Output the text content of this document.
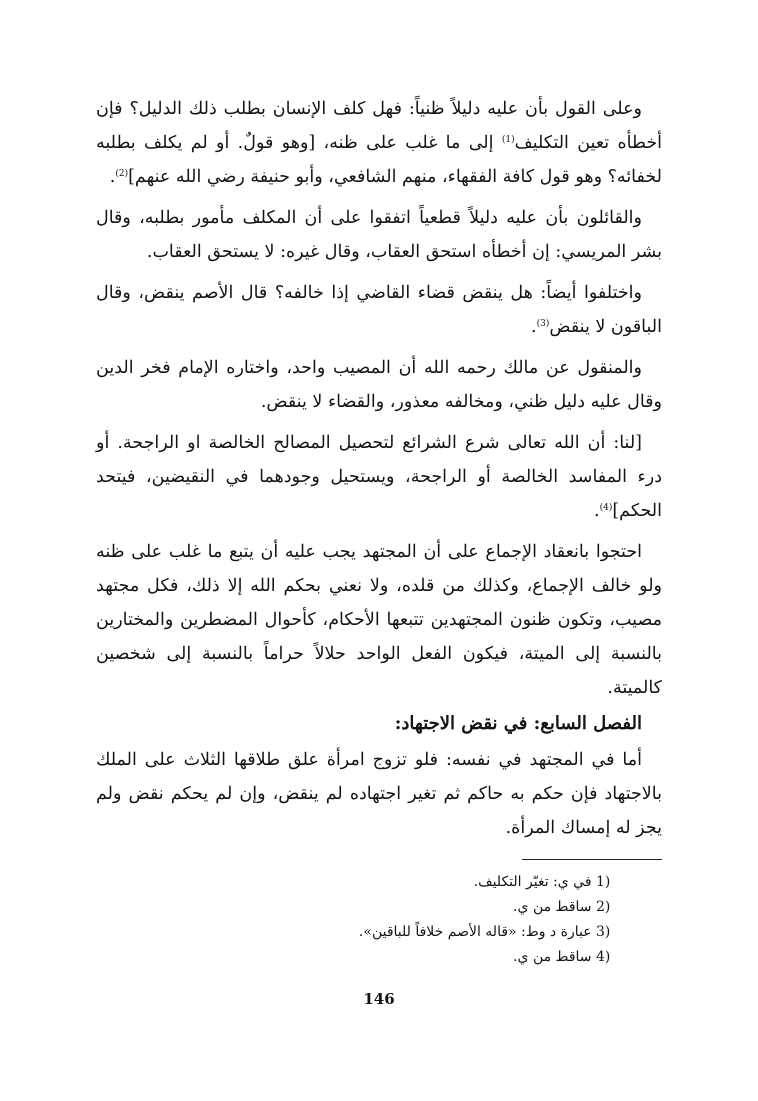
وعلى القول بأن عليه دليلاً ظنياً: فهل كلف الإنسان بطلب ذلك الدليل؟ فإن أخطأه تعين التكليف$^{(1)}$ إلى ما غلب على ظنه، [وهو قولٌ. أو لم يكلف بطلبه لخفائه؟ وهو قول كافة الفقهاء، منهم الشافعي، وأبو حنيفة رضي الله عنهم]$^{(2)}$.

والقائلون بأن عليه دليلاً قطعياً اتفقوا على أن المكلف مأمور بطلبه، وقال بشر المريسي: إن أخطأه استحق العقاب، وقال غيره: لا يستحق العقاب.

واختلفوا أيضاً: هل ينقض قضاء القاضي إذا خالفه؟ قال الأصم ينقض، وقال الباقون لا ينقض$^{(3)}$.

والمنقول عن مالك رحمه الله أن المصيب واحد، واختاره الإمام فخر الدين وقال عليه دليل ظني، ومخالفه معذور، والقضاء لا ينقض.

[لنا: أن الله تعالى شرع الشرائع لتحصيل المصالح الخالصة او الراجحة. أو درء المفاسد الخالصة أو الراجحة، ويستحيل وجودهما في النقيضين، فيتحد الحكم]$^{(4)}$.

احتجوا بانعقاد الإجماع على أن المجتهد يجب عليه أن يتبع ما غلب على ظنه ولو خالف الإجماع، وكذلك من قلده، ولا نعني بحكم الله إلا ذلك، فكل مجتهد مصيب، وتكون ظنون المجتهدين تتبعها الأحكام، كأحوال المضطرين والمختارين بالنسبة إلى الميتة، فيكون الفعل الواحد حلالاً حراماً بالنسبة إلى شخصين كالميتة.

الفصل السابع: في نقض الاجتهاد:

أما في المجتهد في نفسه: فلو تزوج امرأة علق طلاقها الثلاث على الملك بالاجتهاد فإن حكم به حاكم ثم تغير اجتهاده لم ينقض، وإن لم يحكم نقض ولم يجز له إمساك المرأة.

1) في ي: تغيّر التكليف.
2) ساقط من ي.
3) عبارة د وط: «قاله الأصم خلافاً للباقين».
4) ساقط من ي.
146
